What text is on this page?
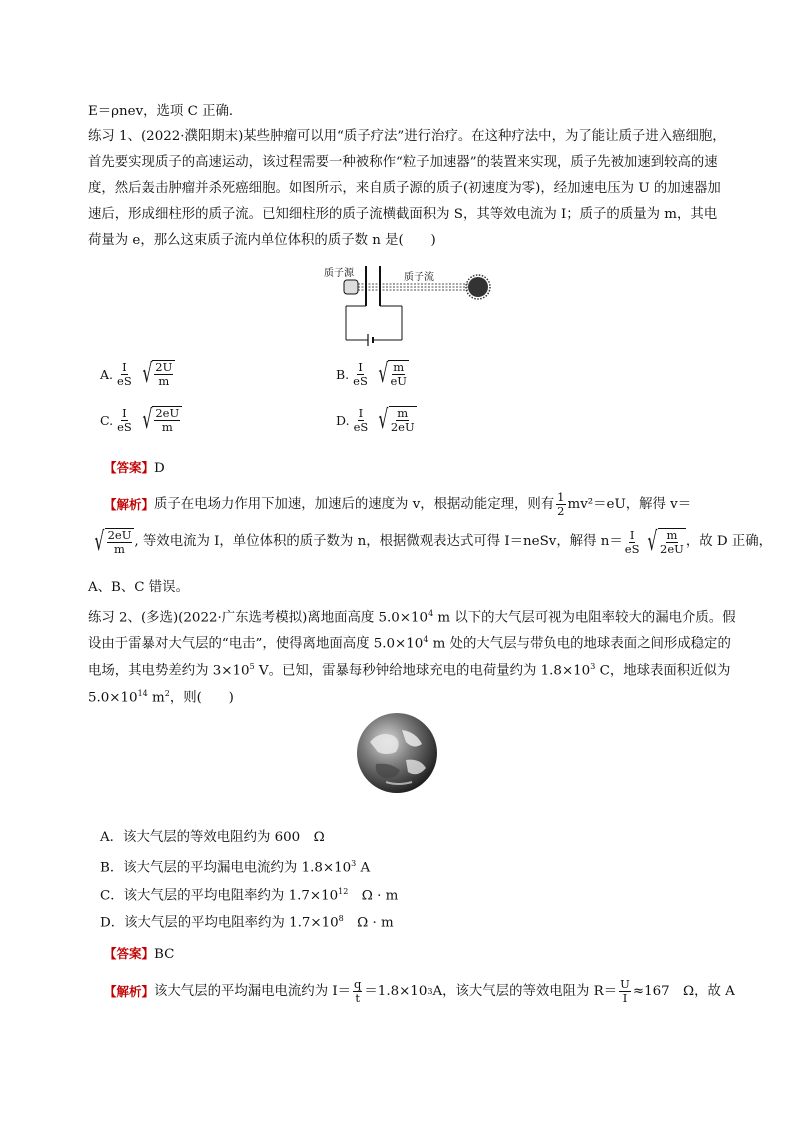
E＝ρnev，选项 C 正确．
练习 1、(2022·濮阳期末)某些肿瘤可以用“质子疗法”进行治疗。在这种疗法中，为了能让质子进入癌细胞，
首先要实现质子的高速运动，该过程需要一种被称作“粒子加速器”的装置来实现，质子先被加速到较高的速
度，然后轰击肿瘤并杀死癌细胞。如图所示，来自质子源的质子(初速度为零)，经加速电压为 U 的加速器加
速后，形成细柱形的质子流。已知细柱形的质子流横截面积为 S，其等效电流为 I；质子的质量为 m，其电
荷量为 e，那么这束质子流内单位体积的质子数 n 是(　　)
质子源	质子流
A. $\frac{I}{eS}$ √ $\frac{2U}{m}$	B. $\frac{I}{eS}$ √ $\frac{m}{eU}$
C. $\frac{I}{eS}$ √ $\frac{2eU}{m}$	D. $\frac{I}{eS}$ √ $\frac{m}{2eU}$
【答案】D
【解析】 质子在电场力作用下加速，加速后的速度为 v，根据动能定理，则有 $\frac{1}{2} mv^2=eU$，解得 v＝
√ $\frac{2eU}{m}$ , 等效电流为 I，单位体积的质子数为 n，根据微观表达式可得 I＝neSv，解得 $n= \frac{I}{eS}$ √ $\frac{m}{2eU}$ ，故 D 正确，
A、B、C 错误。
练习 2、(多选)(2022·广东选考模拟)离地面高度 $5.0\times 10^4$ m 以下的大气层可视为电阻率较大的漏电介质。假
设由于雷暴对大气层的“电击”，使得离地面高度 $5.0\times 10^4$ m 处的大气层与带负电的地球表面之间形成稳定的
电场，其电势差约为 $3\times 10^5$ V。已知，雷暴每秒钟给地球充电的电荷量约为 $1.8\times 10^3$ C，地球表面积近似为
$5.0\times 10^{14}$ $m^2$，则(　　)
A．该大气层的等效电阻约为 600　Ω
B．该大气层的平均漏电电流约为 $1.8\times 10^3$ A
C．该大气层的平均电阻率约为 $1.7\times 10^{12}$　Ω · m
D．该大气层的平均电阻率约为 $1.7\times 10^8$　Ω · m
【答案】BC
【解析】 该大气层的平均漏电电流约为 $I= \frac{q}{t} =1.8\times 10$ 3 A，该大气层的等效电阻为 $R= \frac{U}{I} \approx 167$　Ω，故 A
